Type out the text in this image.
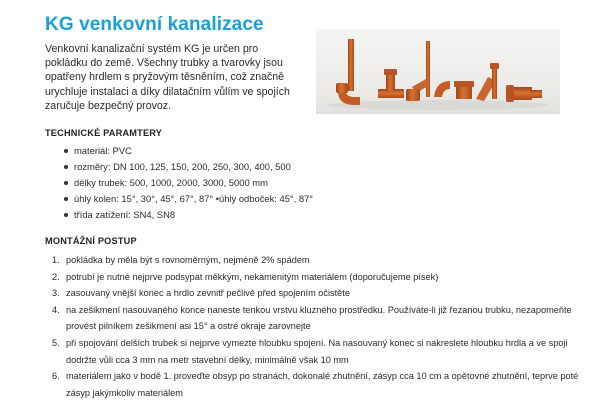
KG venkovní kanalizace

Venkovní kanalizační systém KG je určen pro pokládku do země. Všechny trubky a tvarovky jsou opatřeny hrdlem s pryžovým těsněním, což značně urychluje instalaci a díky dilatačním vůlím ve spojích zaručuje bezpečný provoz.

TECHNICKÉ PARAMTERY
materiál: PVC
rozměry: DN 100, 125, 150, 200, 250, 300, 400, 500
délky trubek: 500, 1000, 2000, 3000, 5000 mm
úhly kolen: 15°, 30°, 45°, 67°, 87° •úhly odboček: 45°, 87°
třída zatížení: SN4, SN8
MONTÁŽNÍ POSTUP
1. pokládka by měla být s rovnoměrným, nejméně 2% spádem
2. potrubí je nutné nejprve podsypat měkkým, nekamenitým materiálem (doporučujeme písek)
3. zasouvaný vnější konec a hrdlo zevnitř pečlivě před spojením očistěte
4. na zešikmení nasouvaného konce naneste tenkou vrstvu kluzného prostředku. Používáte-li již řezanou trubku, nezapomeňte provést pilníkem zešikmení asi 15° a ostré okraje zarovnejte
5. při spojování delších trubek si nejprve vymezte hloubku spojení. Na nasouvaný konec si nakreslete hloubku hrdla a ve spoji dodržte vůli cca 3 mm na metr stavební délky, minimálně však 10 mm
6. materiálem jako v bodě 1. proveďte obsyp po stranách, dokonalé zhutnění, zásyp cca 10 cm a opětovné zhutnění, teprve poté zásyp jakýmkoliv materiálem
